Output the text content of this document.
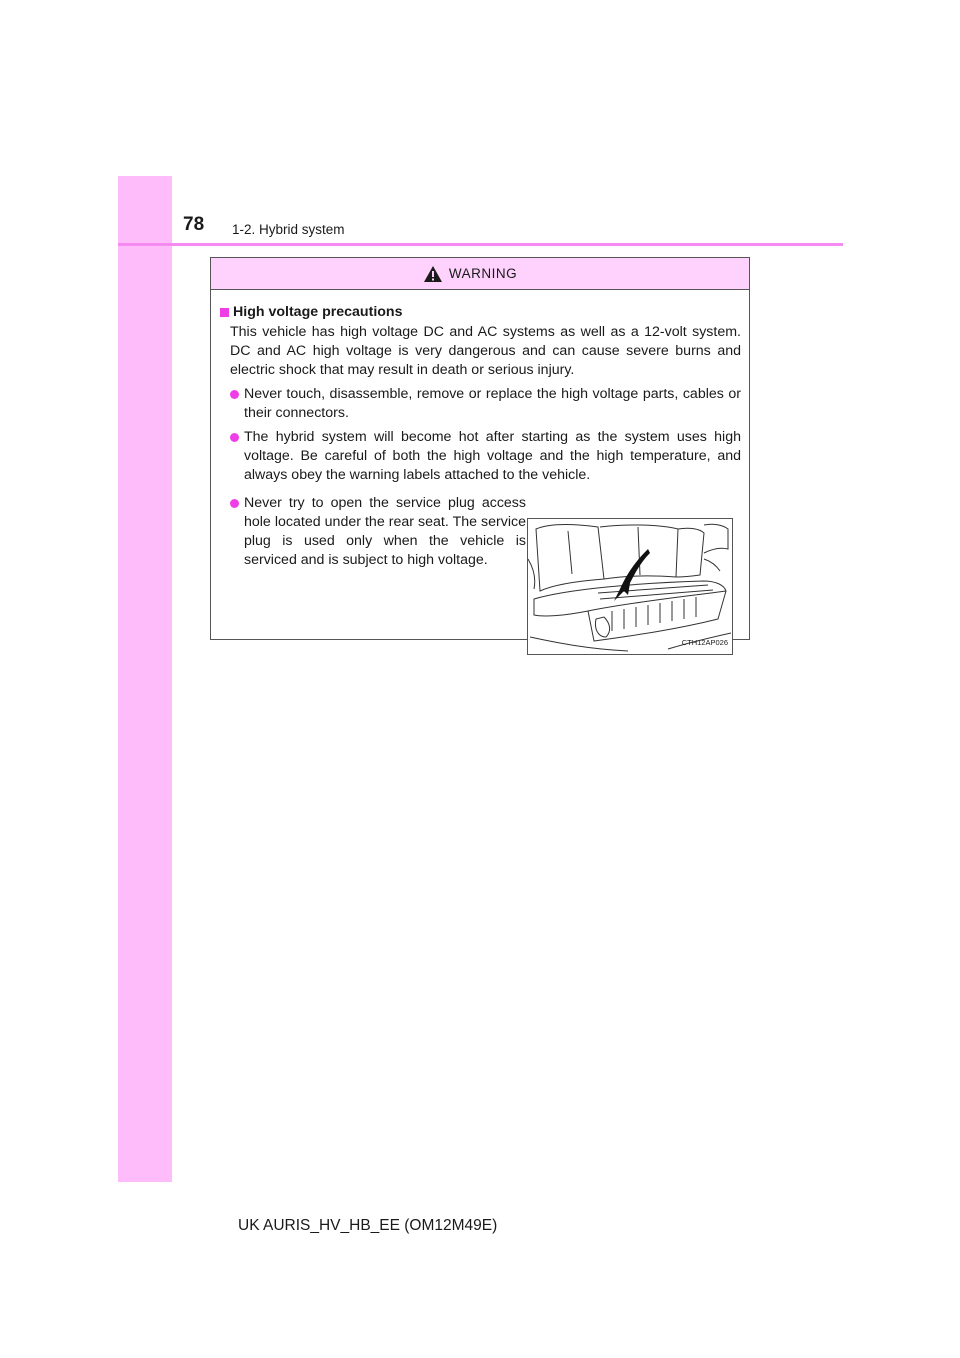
78 1-2. Hybrid system
WARNING
High voltage precautions
This vehicle has high voltage DC and AC systems as well as a 12-volt system. DC and AC high voltage is very dangerous and can cause severe burns and electric shock that may result in death or serious injury.
Never touch, disassemble, remove or replace the high voltage parts, cables or their connectors.
The hybrid system will become hot after starting as the system uses high voltage. Be careful of both the high voltage and the high temperature, and always obey the warning labels attached to the vehicle.
Never try to open the service plug access hole located under the rear seat. The service plug is used only when the vehicle is serviced and is subject to high voltage.
CTH12AP026
UK AURIS_HV_HB_EE (OM12M49E)
